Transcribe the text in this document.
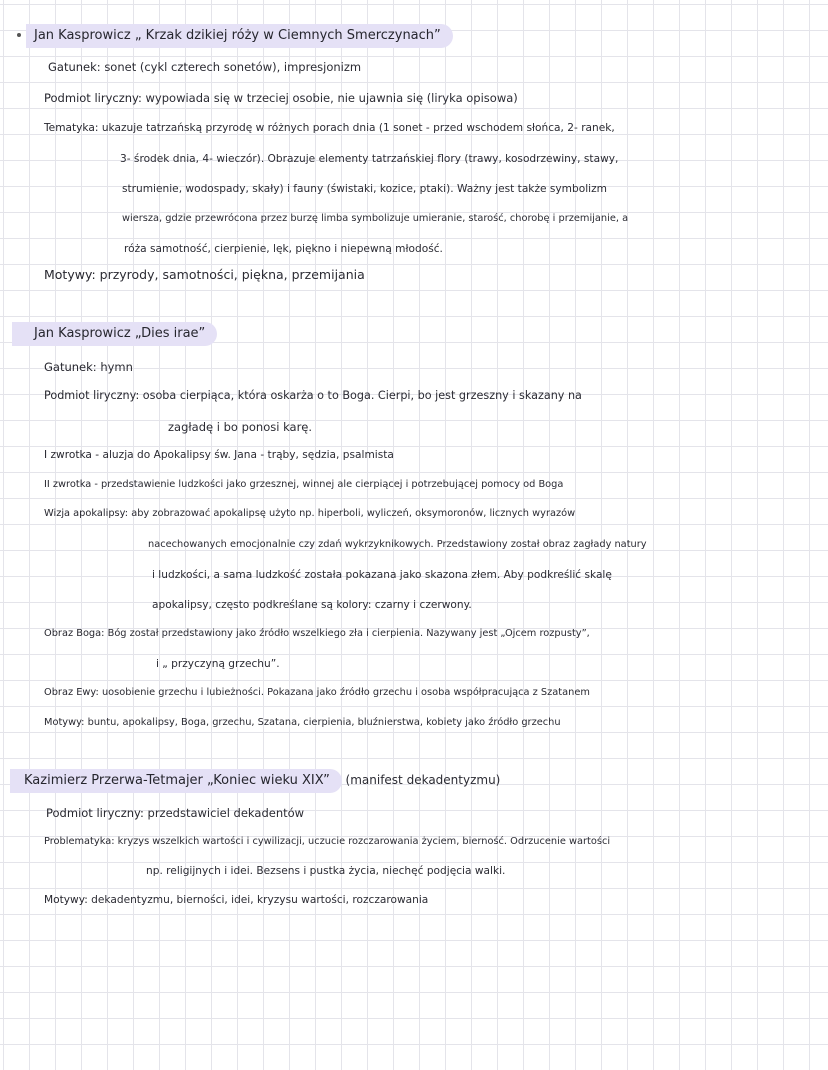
Jan Kasprowicz „ Krzak dzikiej róży w Ciemnych Smerczynach”
Gatunek: sonet (cykl czterech sonetów), impresjonizm
Podmiot liryczny: wypowiada się w trzeciej osobie, nie ujawnia się (liryka opisowa)
Tematyka: ukazuje tatrzańską przyrodę w różnych porach dnia (1 sonet - przed wschodem słońca, 2- ranek,
3- środek dnia, 4- wieczór). Obrazuje elementy tatrzańskiej flory (trawy, kosodrzewiny, stawy,
strumienie, wodospady, skały) i fauny (świstaki, kozice, ptaki). Ważny jest także symbolizm
wiersza, gdzie przewrócona przez burzę limba symbolizuje umieranie, starość, chorobę i przemijanie, a
róża samotność, cierpienie, lęk, piękno i niepewną młodość.
Motywy: przyrody, samotności, piękna, przemijania
Jan Kasprowicz „Dies irae”
Gatunek: hymn
Podmiot liryczny: osoba cierpiąca, która oskarża o to Boga. Cierpi, bo jest grzeszny i skazany na
zagładę i bo ponosi karę.
I zwrotka - aluzja do Apokalipsy św. Jana - trąby, sędzia, psalmista
II zwrotka - przedstawienie ludzkości jako grzesznej, winnej ale cierpiącej i potrzebującej pomocy od Boga
Wizja apokalipsy: aby zobrazować apokalipsę użyto np. hiperboli, wyliczeń, oksymoronów, licznych wyrazów
nacechowanych emocjonalnie czy zdań wykrzyknikowych. Przedstawiony został obraz zagłady natury
i ludzkości, a sama ludzkość została pokazana jako skazona złem. Aby podkreślić skalę
apokalipsy, często podkreślane są kolory: czarny i czerwony.
Obraz Boga: Bóg został przedstawiony jako źródło wszelkiego zła i cierpienia. Nazywany jest „Ojcem rozpusty”,
i „ przyczyną grzechu”.
Obraz Ewy: uosobienie grzechu i lubieżności. Pokazana jako źródło grzechu i osoba współpracująca z Szatanem
Motywy: buntu, apokalipsy, Boga, grzechu, Szatana, cierpienia, bluźnierstwa, kobiety jako źródło grzechu
Kazimierz Przerwa-Tetmajer „Koniec wieku XIX” (manifest dekadentyzmu)
Podmiot liryczny: przedstawiciel dekadentów
Problematyka: kryzys wszelkich wartości i cywilizacji, uczucie rozczarowania życiem, bierność. Odrzucenie wartości
np. religijnych i idei. Bezsens i pustka życia, niechęć podjęcia walki.
Motywy: dekadentyzmu, bierności, idei, kryzysu wartości, rozczarowania
